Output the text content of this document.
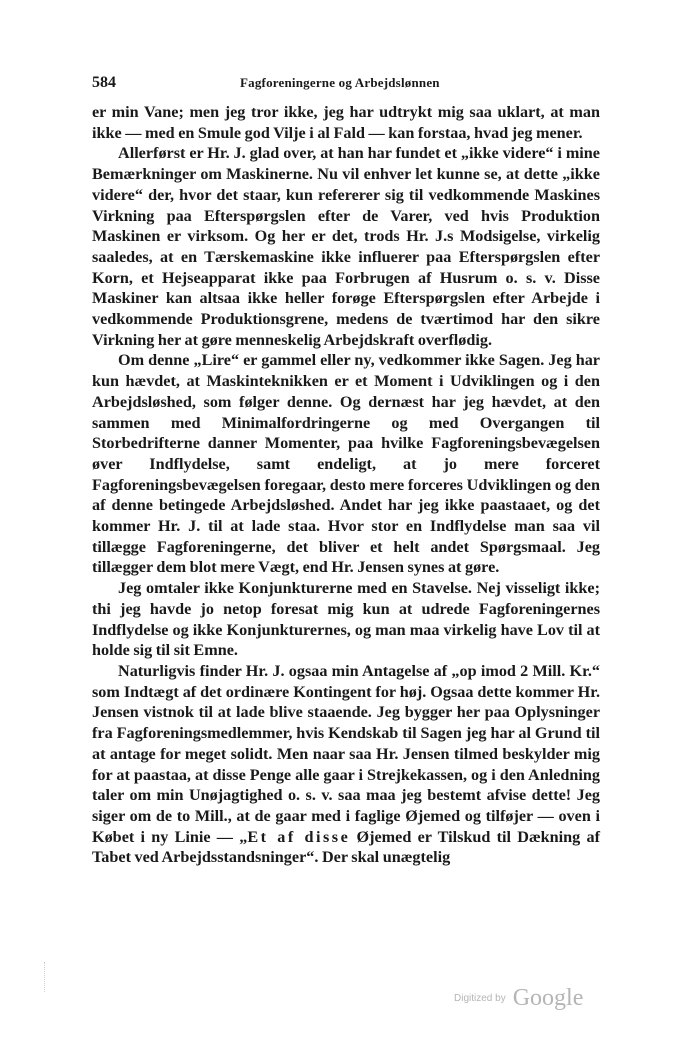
584	Fagforeningerne og Arbejdslønnen

er min Vane; men jeg tror ikke, jeg har udtrykt mig saa uklart, at man ikke — med en Smule god Vilje i al Fald — kan forstaa, hvad jeg mener.

Allerførst er Hr. J. glad over, at han har fundet et „ikke videre“ i mine Bemærkninger om Maskinerne. Nu vil enhver let kunne se, at dette „ikke videre“ der, hvor det staar, kun refererer sig til vedkommende Maskines Virkning paa Efterspørgslen efter de Varer, ved hvis Produktion Maskinen er virksom. Og her er det, trods Hr. J.s Modsigelse, virkelig saaledes, at en Tærskemaskine ikke influerer paa Efterspørgslen efter Korn, et Hejseapparat ikke paa Forbrugen af Husrum o. s. v. Disse Maskiner kan altsaa ikke heller forøge Efterspørgslen efter Arbejde i vedkommende Produktionsgrene, medens de tværtimod har den sikre Virkning her at gøre menneskelig Arbejdskraft overflødig.

Om denne „Lire“ er gammel eller ny, vedkommer ikke Sagen. Jeg har kun hævdet, at Maskinteknikken er et Moment i Udviklingen og i den Arbejdsløshed, som følger denne. Og dernæst har jeg hævdet, at den sammen med Minimalfordringerne og med Overgangen til Storbedrifterne danner Momenter, paa hvilke Fagforeningsbevægelsen øver Indflydelse, samt endeligt, at jo mere forceret Fagforeningsbevægelsen foregaar, desto mere forceres Udviklingen og den af denne betingede Arbejdsløshed. Andet har jeg ikke paastaaet, og det kommer Hr. J. til at lade staa. Hvor stor en Indflydelse man saa vil tillægge Fagforeningerne, det bliver et helt andet Spørgsmaal. Jeg tillægger dem blot mere Vægt, end Hr. Jensen synes at gøre.

Jeg omtaler ikke Konjunkturerne med en Stavelse. Nej visseligt ikke; thi jeg havde jo netop foresat mig kun at udrede Fagforeningernes Indflydelse og ikke Konjunkturernes, og man maa virkelig have Lov til at holde sig til sit Emne.

Naturligvis finder Hr. J. ogsaa min Antagelse af „op imod 2 Mill. Kr.“ som Indtægt af det ordinære Kontingent for høj. Ogsaa dette kommer Hr. Jensen vistnok til at lade blive staaende. Jeg bygger her paa Oplysninger fra Fagforeningsmedlemmer, hvis Kendskab til Sagen jeg har al Grund til at antage for meget solidt. Men naar saa Hr. Jensen tilmed beskylder mig for at paastaa, at disse Penge alle gaar i Strejkekassen, og i den Anledning taler om min Unøjagtighed o. s. v. saa maa jeg bestemt afvise dette! Jeg siger om de to Mill., at de gaar med i faglige Øjemed og tilføjer — oven i Købet i ny Linie — „Et af disse Øjemed er Tilskud til Dækning af Tabet ved Arbejdsstandsninger“. Der skal unægtelig

Digitized by Google
